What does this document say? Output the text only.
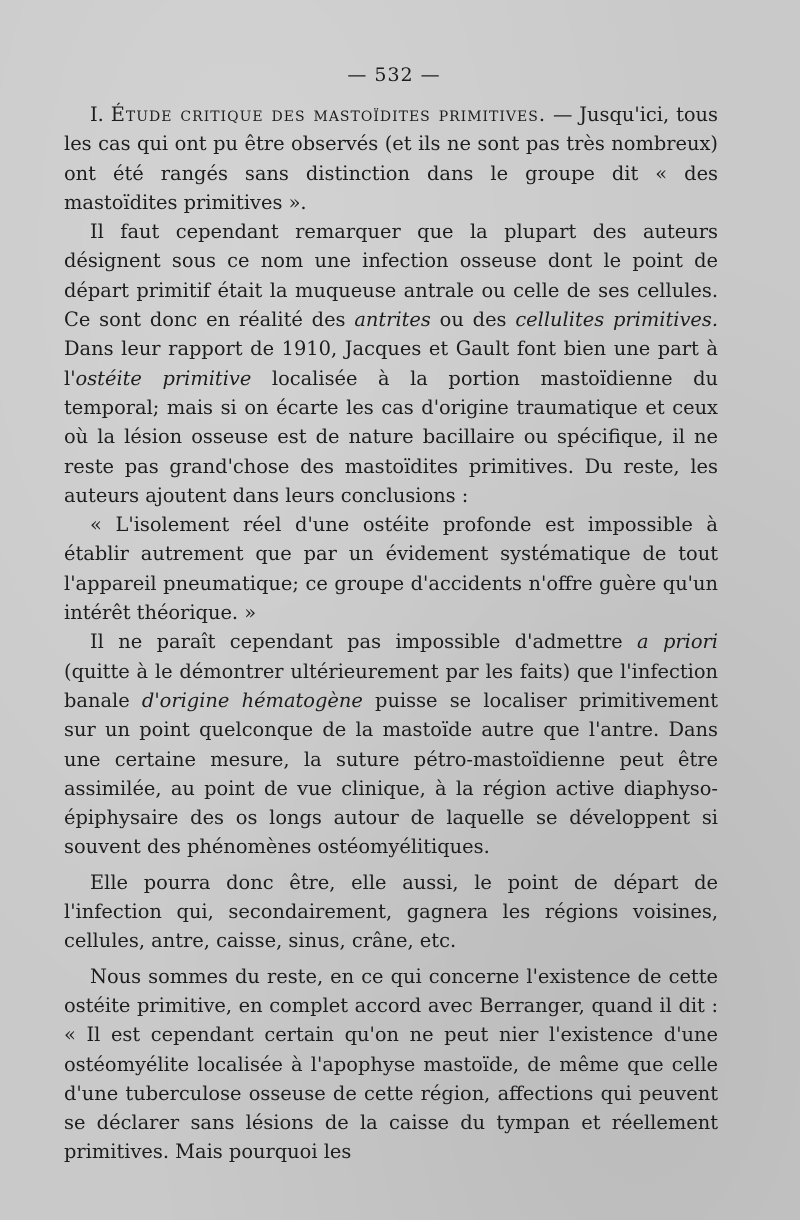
— 532 —

I. Étude critique des mastoïdites primitives. — Jusqu'ici, tous les cas qui ont pu être observés (et ils ne sont pas très nombreux) ont été rangés sans distinction dans le groupe dit « des mastoïdites primitives ».

Il faut cependant remarquer que la plupart des auteurs désignent sous ce nom une infection osseuse dont le point de départ primitif était la muqueuse antrale ou celle de ses cellules. Ce sont donc en réalité des antrites ou des cellulites primitives. Dans leur rapport de 1910, Jacques et Gault font bien une part à l'ostéite primitive localisée à la portion mastoïdienne du temporal; mais si on écarte les cas d'origine traumatique et ceux où la lésion osseuse est de nature bacillaire ou spécifique, il ne reste pas grand'chose des mastoïdites primitives. Du reste, les auteurs ajoutent dans leurs conclusions :

« L'isolement réel d'une ostéite profonde est impossible à établir autrement que par un évidement systématique de tout l'appareil pneumatique; ce groupe d'accidents n'offre guère qu'un intérêt théorique. »

Il ne paraît cependant pas impossible d'admettre a priori (quitte à le démontrer ultérieurement par les faits) que l'infection banale d'origine hématogène puisse se localiser primitivement sur un point quelconque de la mastoïde autre que l'antre. Dans une certaine mesure, la suture pétro-mastoïdienne peut être assimilée, au point de vue clinique, à la région active diaphyso-épiphysaire des os longs autour de laquelle se développent si souvent des phénomènes ostéomyélitiques.

Elle pourra donc être, elle aussi, le point de départ de l'infection qui, secondairement, gagnera les régions voisines, cellules, antre, caisse, sinus, crâne, etc.

Nous sommes du reste, en ce qui concerne l'existence de cette ostéite primitive, en complet accord avec Berranger, quand il dit : « Il est cependant certain qu'on ne peut nier l'existence d'une ostéomyélite localisée à l'apophyse mastoïde, de même que celle d'une tuberculose osseuse de cette région, affections qui peuvent se déclarer sans lésions de la caisse du tympan et réellement primitives. Mais pourquoi les
